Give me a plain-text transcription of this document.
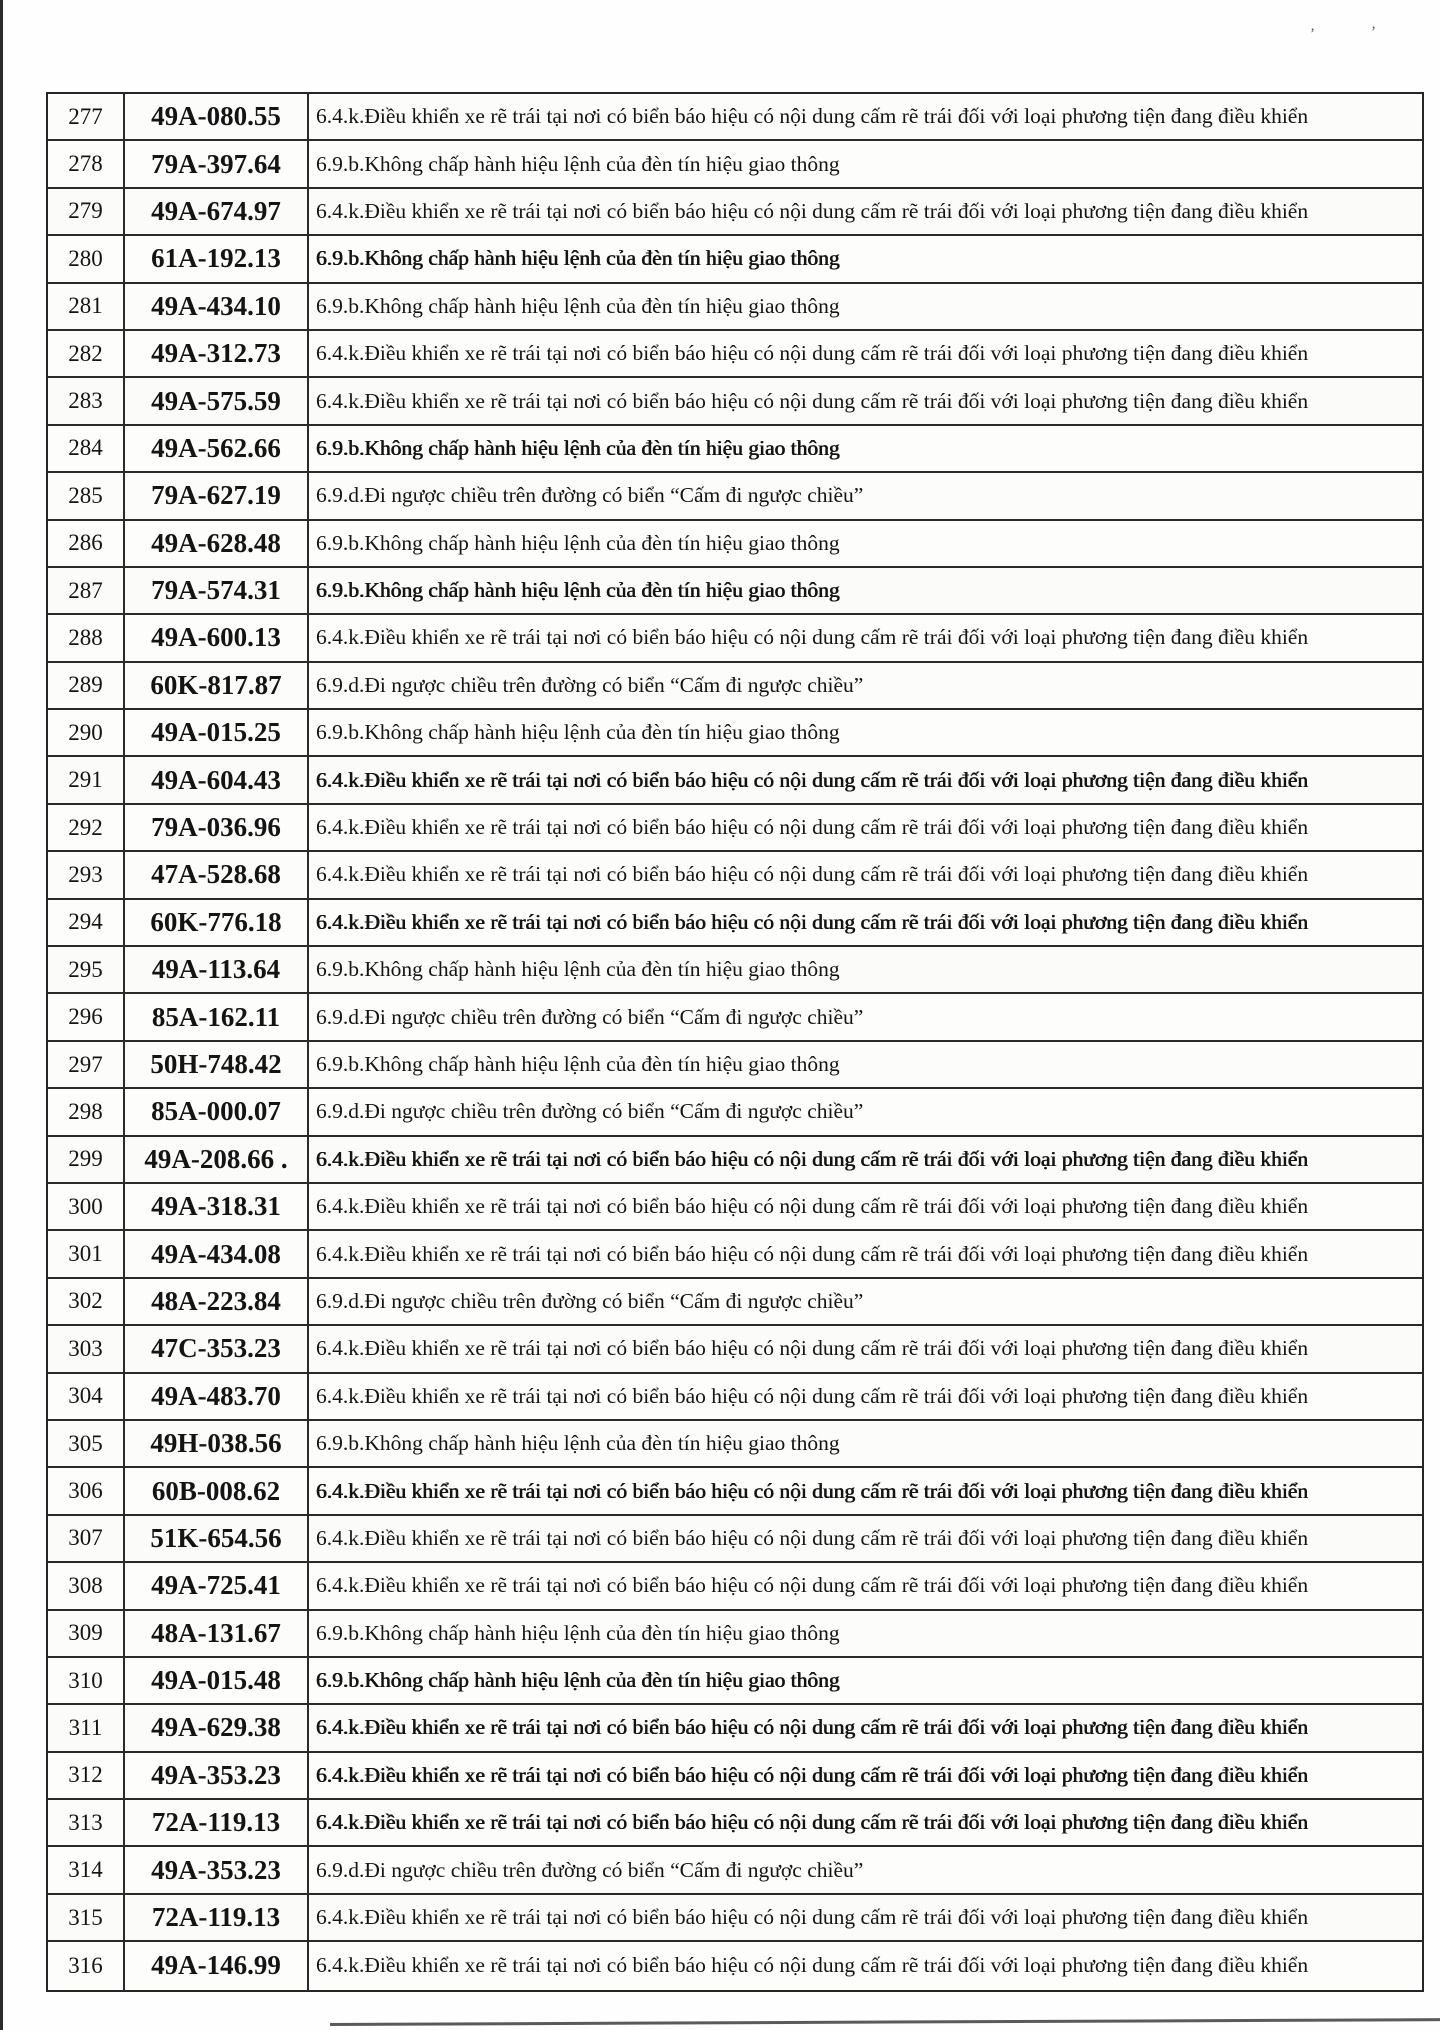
’	’
277	49A-080.55	6.4.k.Điều khiển xe rẽ trái tại nơi có biển báo hiệu có nội dung cấm rẽ trái đối với loại phương tiện đang điều khiển
278	79A-397.64	6.9.b.Không chấp hành hiệu lệnh của đèn tín hiệu giao thông
279	49A-674.97	6.4.k.Điều khiển xe rẽ trái tại nơi có biển báo hiệu có nội dung cấm rẽ trái đối với loại phương tiện đang điều khiển
280	61A-192.13	6.9.b.Không chấp hành hiệu lệnh của đèn tín hiệu giao thông
281	49A-434.10	6.9.b.Không chấp hành hiệu lệnh của đèn tín hiệu giao thông
282	49A-312.73	6.4.k.Điều khiển xe rẽ trái tại nơi có biển báo hiệu có nội dung cấm rẽ trái đối với loại phương tiện đang điều khiển
283	49A-575.59	6.4.k.Điều khiển xe rẽ trái tại nơi có biển báo hiệu có nội dung cấm rẽ trái đối với loại phương tiện đang điều khiển
284	49A-562.66	6.9.b.Không chấp hành hiệu lệnh của đèn tín hiệu giao thông
285	79A-627.19	6.9.d.Đi ngược chiều trên đường có biển “Cấm đi ngược chiều”
286	49A-628.48	6.9.b.Không chấp hành hiệu lệnh của đèn tín hiệu giao thông
287	79A-574.31	6.9.b.Không chấp hành hiệu lệnh của đèn tín hiệu giao thông
288	49A-600.13	6.4.k.Điều khiển xe rẽ trái tại nơi có biển báo hiệu có nội dung cấm rẽ trái đối với loại phương tiện đang điều khiển
289	60K-817.87	6.9.d.Đi ngược chiều trên đường có biển “Cấm đi ngược chiều”
290	49A-015.25	6.9.b.Không chấp hành hiệu lệnh của đèn tín hiệu giao thông
291	49A-604.43	6.4.k.Điều khiển xe rẽ trái tại nơi có biển báo hiệu có nội dung cấm rẽ trái đối với loại phương tiện đang điều khiển
292	79A-036.96	6.4.k.Điều khiển xe rẽ trái tại nơi có biển báo hiệu có nội dung cấm rẽ trái đối với loại phương tiện đang điều khiển
293	47A-528.68	6.4.k.Điều khiển xe rẽ trái tại nơi có biển báo hiệu có nội dung cấm rẽ trái đối với loại phương tiện đang điều khiển
294	60K-776.18	6.4.k.Điều khiển xe rẽ trái tại nơi có biển báo hiệu có nội dung cấm rẽ trái đối với loại phương tiện đang điều khiển
295	49A-113.64	6.9.b.Không chấp hành hiệu lệnh của đèn tín hiệu giao thông
296	85A-162.11	6.9.d.Đi ngược chiều trên đường có biển “Cấm đi ngược chiều”
297	50H-748.42	6.9.b.Không chấp hành hiệu lệnh của đèn tín hiệu giao thông
298	85A-000.07	6.9.d.Đi ngược chiều trên đường có biển “Cấm đi ngược chiều”
299	49A-208.66 .	6.4.k.Điều khiển xe rẽ trái tại nơi có biển báo hiệu có nội dung cấm rẽ trái đối với loại phương tiện đang điều khiển
300	49A-318.31	6.4.k.Điều khiển xe rẽ trái tại nơi có biển báo hiệu có nội dung cấm rẽ trái đối với loại phương tiện đang điều khiển
301	49A-434.08	6.4.k.Điều khiển xe rẽ trái tại nơi có biển báo hiệu có nội dung cấm rẽ trái đối với loại phương tiện đang điều khiển
302	48A-223.84	6.9.d.Đi ngược chiều trên đường có biển “Cấm đi ngược chiều”
303	47C-353.23	6.4.k.Điều khiển xe rẽ trái tại nơi có biển báo hiệu có nội dung cấm rẽ trái đối với loại phương tiện đang điều khiển
304	49A-483.70	6.4.k.Điều khiển xe rẽ trái tại nơi có biển báo hiệu có nội dung cấm rẽ trái đối với loại phương tiện đang điều khiển
305	49H-038.56	6.9.b.Không chấp hành hiệu lệnh của đèn tín hiệu giao thông
306	60B-008.62	6.4.k.Điều khiển xe rẽ trái tại nơi có biển báo hiệu có nội dung cấm rẽ trái đối với loại phương tiện đang điều khiển
307	51K-654.56	6.4.k.Điều khiển xe rẽ trái tại nơi có biển báo hiệu có nội dung cấm rẽ trái đối với loại phương tiện đang điều khiển
308	49A-725.41	6.4.k.Điều khiển xe rẽ trái tại nơi có biển báo hiệu có nội dung cấm rẽ trái đối với loại phương tiện đang điều khiển
309	48A-131.67	6.9.b.Không chấp hành hiệu lệnh của đèn tín hiệu giao thông
310	49A-015.48	6.9.b.Không chấp hành hiệu lệnh của đèn tín hiệu giao thông
311	49A-629.38	6.4.k.Điều khiển xe rẽ trái tại nơi có biển báo hiệu có nội dung cấm rẽ trái đối với loại phương tiện đang điều khiển
312	49A-353.23	6.4.k.Điều khiển xe rẽ trái tại nơi có biển báo hiệu có nội dung cấm rẽ trái đối với loại phương tiện đang điều khiển
313	72A-119.13	6.4.k.Điều khiển xe rẽ trái tại nơi có biển báo hiệu có nội dung cấm rẽ trái đối với loại phương tiện đang điều khiển
314	49A-353.23	6.9.d.Đi ngược chiều trên đường có biển “Cấm đi ngược chiều”
315	72A-119.13	6.4.k.Điều khiển xe rẽ trái tại nơi có biển báo hiệu có nội dung cấm rẽ trái đối với loại phương tiện đang điều khiển
316	49A-146.99	6.4.k.Điều khiển xe rẽ trái tại nơi có biển báo hiệu có nội dung cấm rẽ trái đối với loại phương tiện đang điều khiển
